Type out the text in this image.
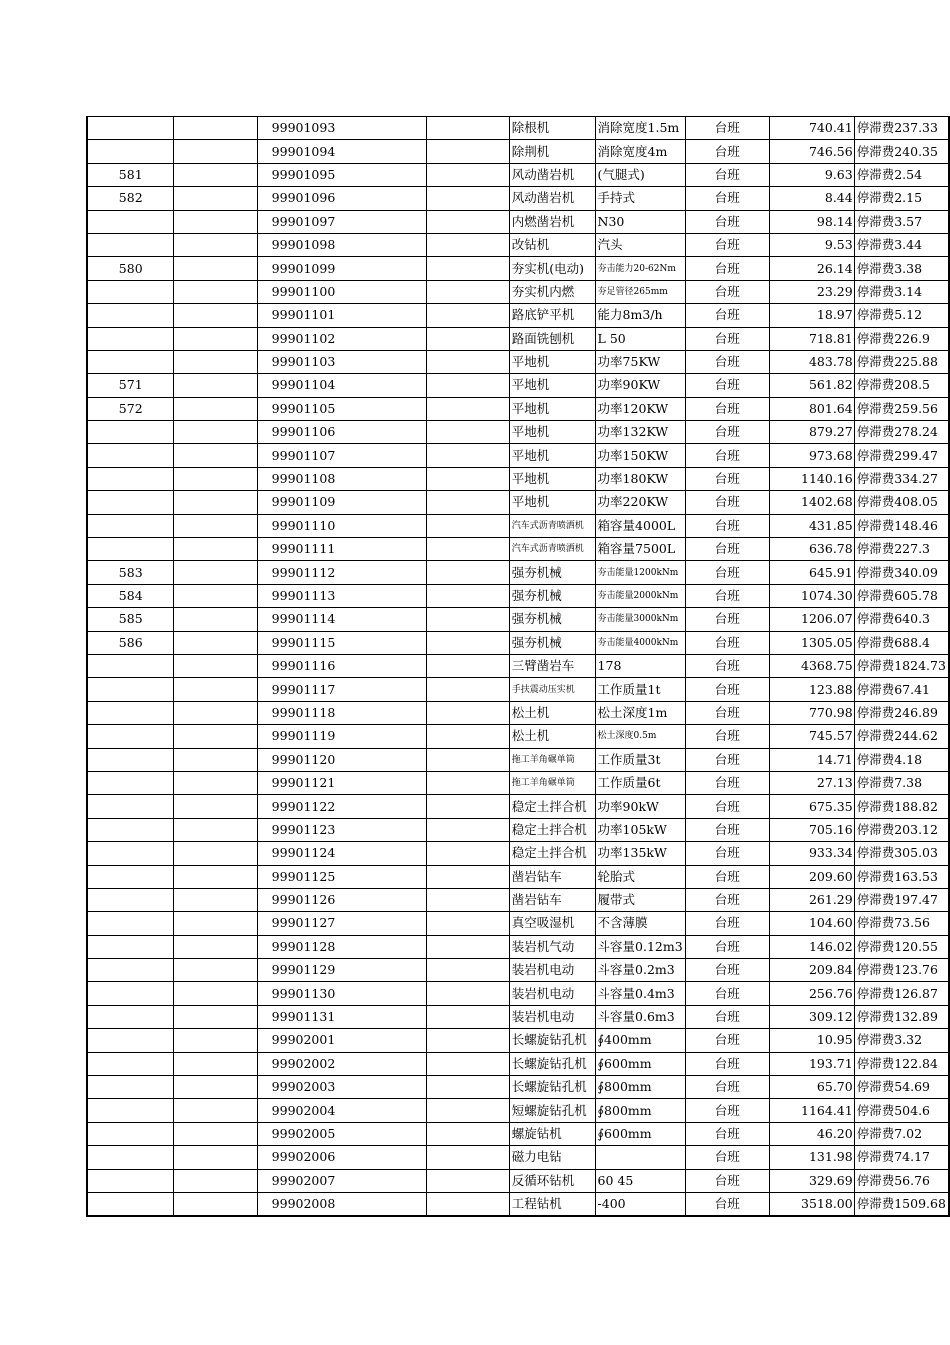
		99901093		除根机	消除宽度1.5m	台班	740.41	停滞费237.33
		99901094		除荆机	消除宽度4m	台班	746.56	停滞费240.35
581		99901095		风动凿岩机	(气腿式)	台班	9.63	停滞费2.54
582		99901096		风动凿岩机	手持式	台班	8.44	停滞费2.15
		99901097		内燃凿岩机	N30	台班	98.14	停滞费3.57
		99901098		改钻机	汽头	台班	9.53	停滞费3.44
580		99901099		夯实机(电动)	夯击能力20-62Nm	台班	26.14	停滞费3.38
		99901100		夯实机内燃	夯足管径265mm	台班	23.29	停滞费3.14
		99901101		路底铲平机	能力8m3/h	台班	18.97	停滞费5.12
		99901102		路面铣刨机	L 50	台班	718.81	停滞费226.9
		99901103		平地机	功率75KW	台班	483.78	停滞费225.88
571		99901104		平地机	功率90KW	台班	561.82	停滞费208.5
572		99901105		平地机	功率120KW	台班	801.64	停滞费259.56
		99901106		平地机	功率132KW	台班	879.27	停滞费278.24
		99901107		平地机	功率150KW	台班	973.68	停滞费299.47
		99901108		平地机	功率180KW	台班	1140.16	停滞费334.27
		99901109		平地机	功率220KW	台班	1402.68	停滞费408.05
		99901110		汽车式沥青喷洒机	箱容量4000L	台班	431.85	停滞费148.46
		99901111		汽车式沥青喷洒机	箱容量7500L	台班	636.78	停滞费227.3
583		99901112		强夯机械	夯击能量1200kNm	台班	645.91	停滞费340.09
584		99901113		强夯机械	夯击能量2000kNm	台班	1074.30	停滞费605.78
585		99901114		强夯机械	夯击能量3000kNm	台班	1206.07	停滞费640.3
586		99901115		强夯机械	夯击能量4000kNm	台班	1305.05	停滞费688.4
		99901116		三臂凿岩车	178	台班	4368.75	停滞费1824.73
		99901117		手扶震动压实机	工作质量1t	台班	123.88	停滞费67.41
		99901118		松土机	松土深度1m	台班	770.98	停滞费246.89
		99901119		松土机	松土深度0.5m	台班	745.57	停滞费244.62
		99901120		拖工羊角碾单筒	工作质量3t	台班	14.71	停滞费4.18
		99901121		拖工羊角碾单筒	工作质量6t	台班	27.13	停滞费7.38
		99901122		稳定土拌合机	功率90kW	台班	675.35	停滞费188.82
		99901123		稳定土拌合机	功率105kW	台班	705.16	停滞费203.12
		99901124		稳定土拌合机	功率135kW	台班	933.34	停滞费305.03
		99901125		凿岩钻车	轮胎式	台班	209.60	停滞费163.53
		99901126		凿岩钻车	履带式	台班	261.29	停滞费197.47
		99901127		真空吸湿机	不含薄膜	台班	104.60	停滞费73.56
		99901128		装岩机气动	斗容量0.12m3	台班	146.02	停滞费120.55
		99901129		装岩机电动	斗容量0.2m3	台班	209.84	停滞费123.76
		99901130		装岩机电动	斗容量0.4m3	台班	256.76	停滞费126.87
		99901131		装岩机电动	斗容量0.6m3	台班	309.12	停滞费132.89
		99902001		长螺旋钻孔机	∮400mm	台班	10.95	停滞费3.32
		99902002		长螺旋钻孔机	∮600mm	台班	193.71	停滞费122.84
		99902003		长螺旋钻孔机	∮800mm	台班	65.70	停滞费54.69
		99902004		短螺旋钻孔机	∮800mm	台班	1164.41	停滞费504.6
		99902005		螺旋钻机	∮600mm	台班	46.20	停滞费7.02
		99902006		磁力电钻		台班	131.98	停滞费74.17
		99902007		反循环钻机	60 45	台班	329.69	停滞费56.76
		99902008		工程钻机	-400	台班	3518.00	停滞费1509.68
